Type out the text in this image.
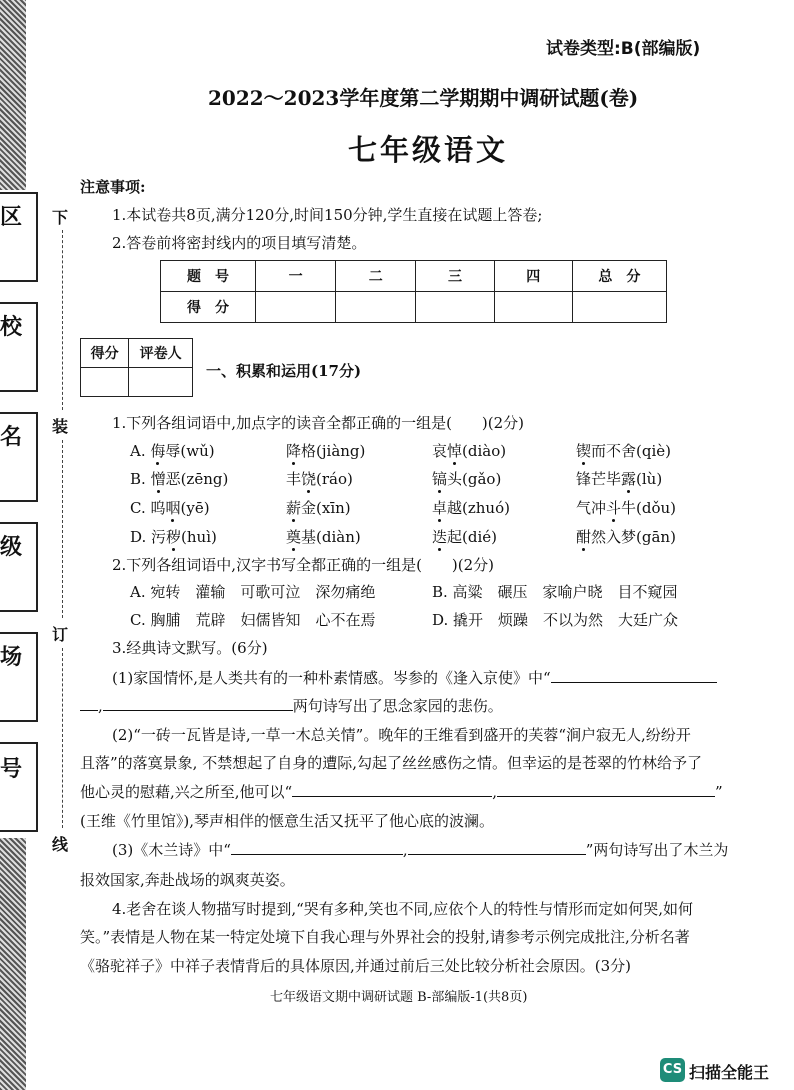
区
校
名
级
场
号
下
装
订
线
试卷类型:B(部编版)
2022～2023学年度第二学期期中调研试题(卷)
七年级语文
注意事项:
1.本试卷共8页,满分120分,时间150分钟,学生直接在试题上答卷;
2.答卷前将密封线内的项目填写清楚。
题　号	一	二	三	四	总　分
得　分					
得分	评卷人

一、积累和运用(17分)
1.下列各组词语中,加点字的读音全都正确的一组是(　　)(2分)
A. 侮辱(wǔ)	降格(jiàng)	哀悼(diào)	锲而不舍(qiè)
B. 憎恶(zēng)	丰饶(ráo)	镐头(gǎo)	锋芒毕露(lù)
C. 呜咽(yē)	薪金(xīn)	卓越(zhuó)	气冲斗牛(dǒu)
D. 污秽(huì)	奠基(diàn)	迭起(dié)	酣然入梦(gān)
2.下列各组词语中,汉字书写全都正确的一组是(　　)(2分)
A. 宛转　灌输　可歌可泣　深勿痛绝	B. 高粱　碾压　家喻户晓　目不窥园
C. 胸脯　荒辟　妇儒皆知　心不在焉	D. 撬开　烦躁　不以为然　大廷广众
3.经典诗文默写。(6分)
(1)家国情怀,是人类共有的一种朴素情感。岑参的《逢入京使》中“
,	两句诗写出了思念家园的悲伤。
(2)“一砖一瓦皆是诗,一草一木总关情”。晚年的王维看到盛开的芙蓉“涧户寂无人,纷纷开
且落”的落寞景象, 不禁想起了自身的遭际,勾起了丝丝感伤之情。但幸运的是苍翠的竹林给予了
他心灵的慰藉,兴之所至,他可以“	,	”
(王维《竹里馆》),琴声相伴的惬意生活又抚平了他心底的波澜。
(3)《木兰诗》中“	,	”两句诗写出了木兰为
报效国家,奔赴战场的飒爽英姿。
4.老舍在谈人物描写时提到,“哭有多种,笑也不同,应依个人的特性与情形而定如何哭,如何
笑。”表情是人物在某一特定处境下自我心理与外界社会的投射,请参考示例完成批注,分析名著
《骆驼祥子》中祥子表情背后的具体原因,并通过前后三处比较分析社会原因。(3分)
七年级语文期中调研试题 B-部编版-1(共8页)
CS 扫描全能王
